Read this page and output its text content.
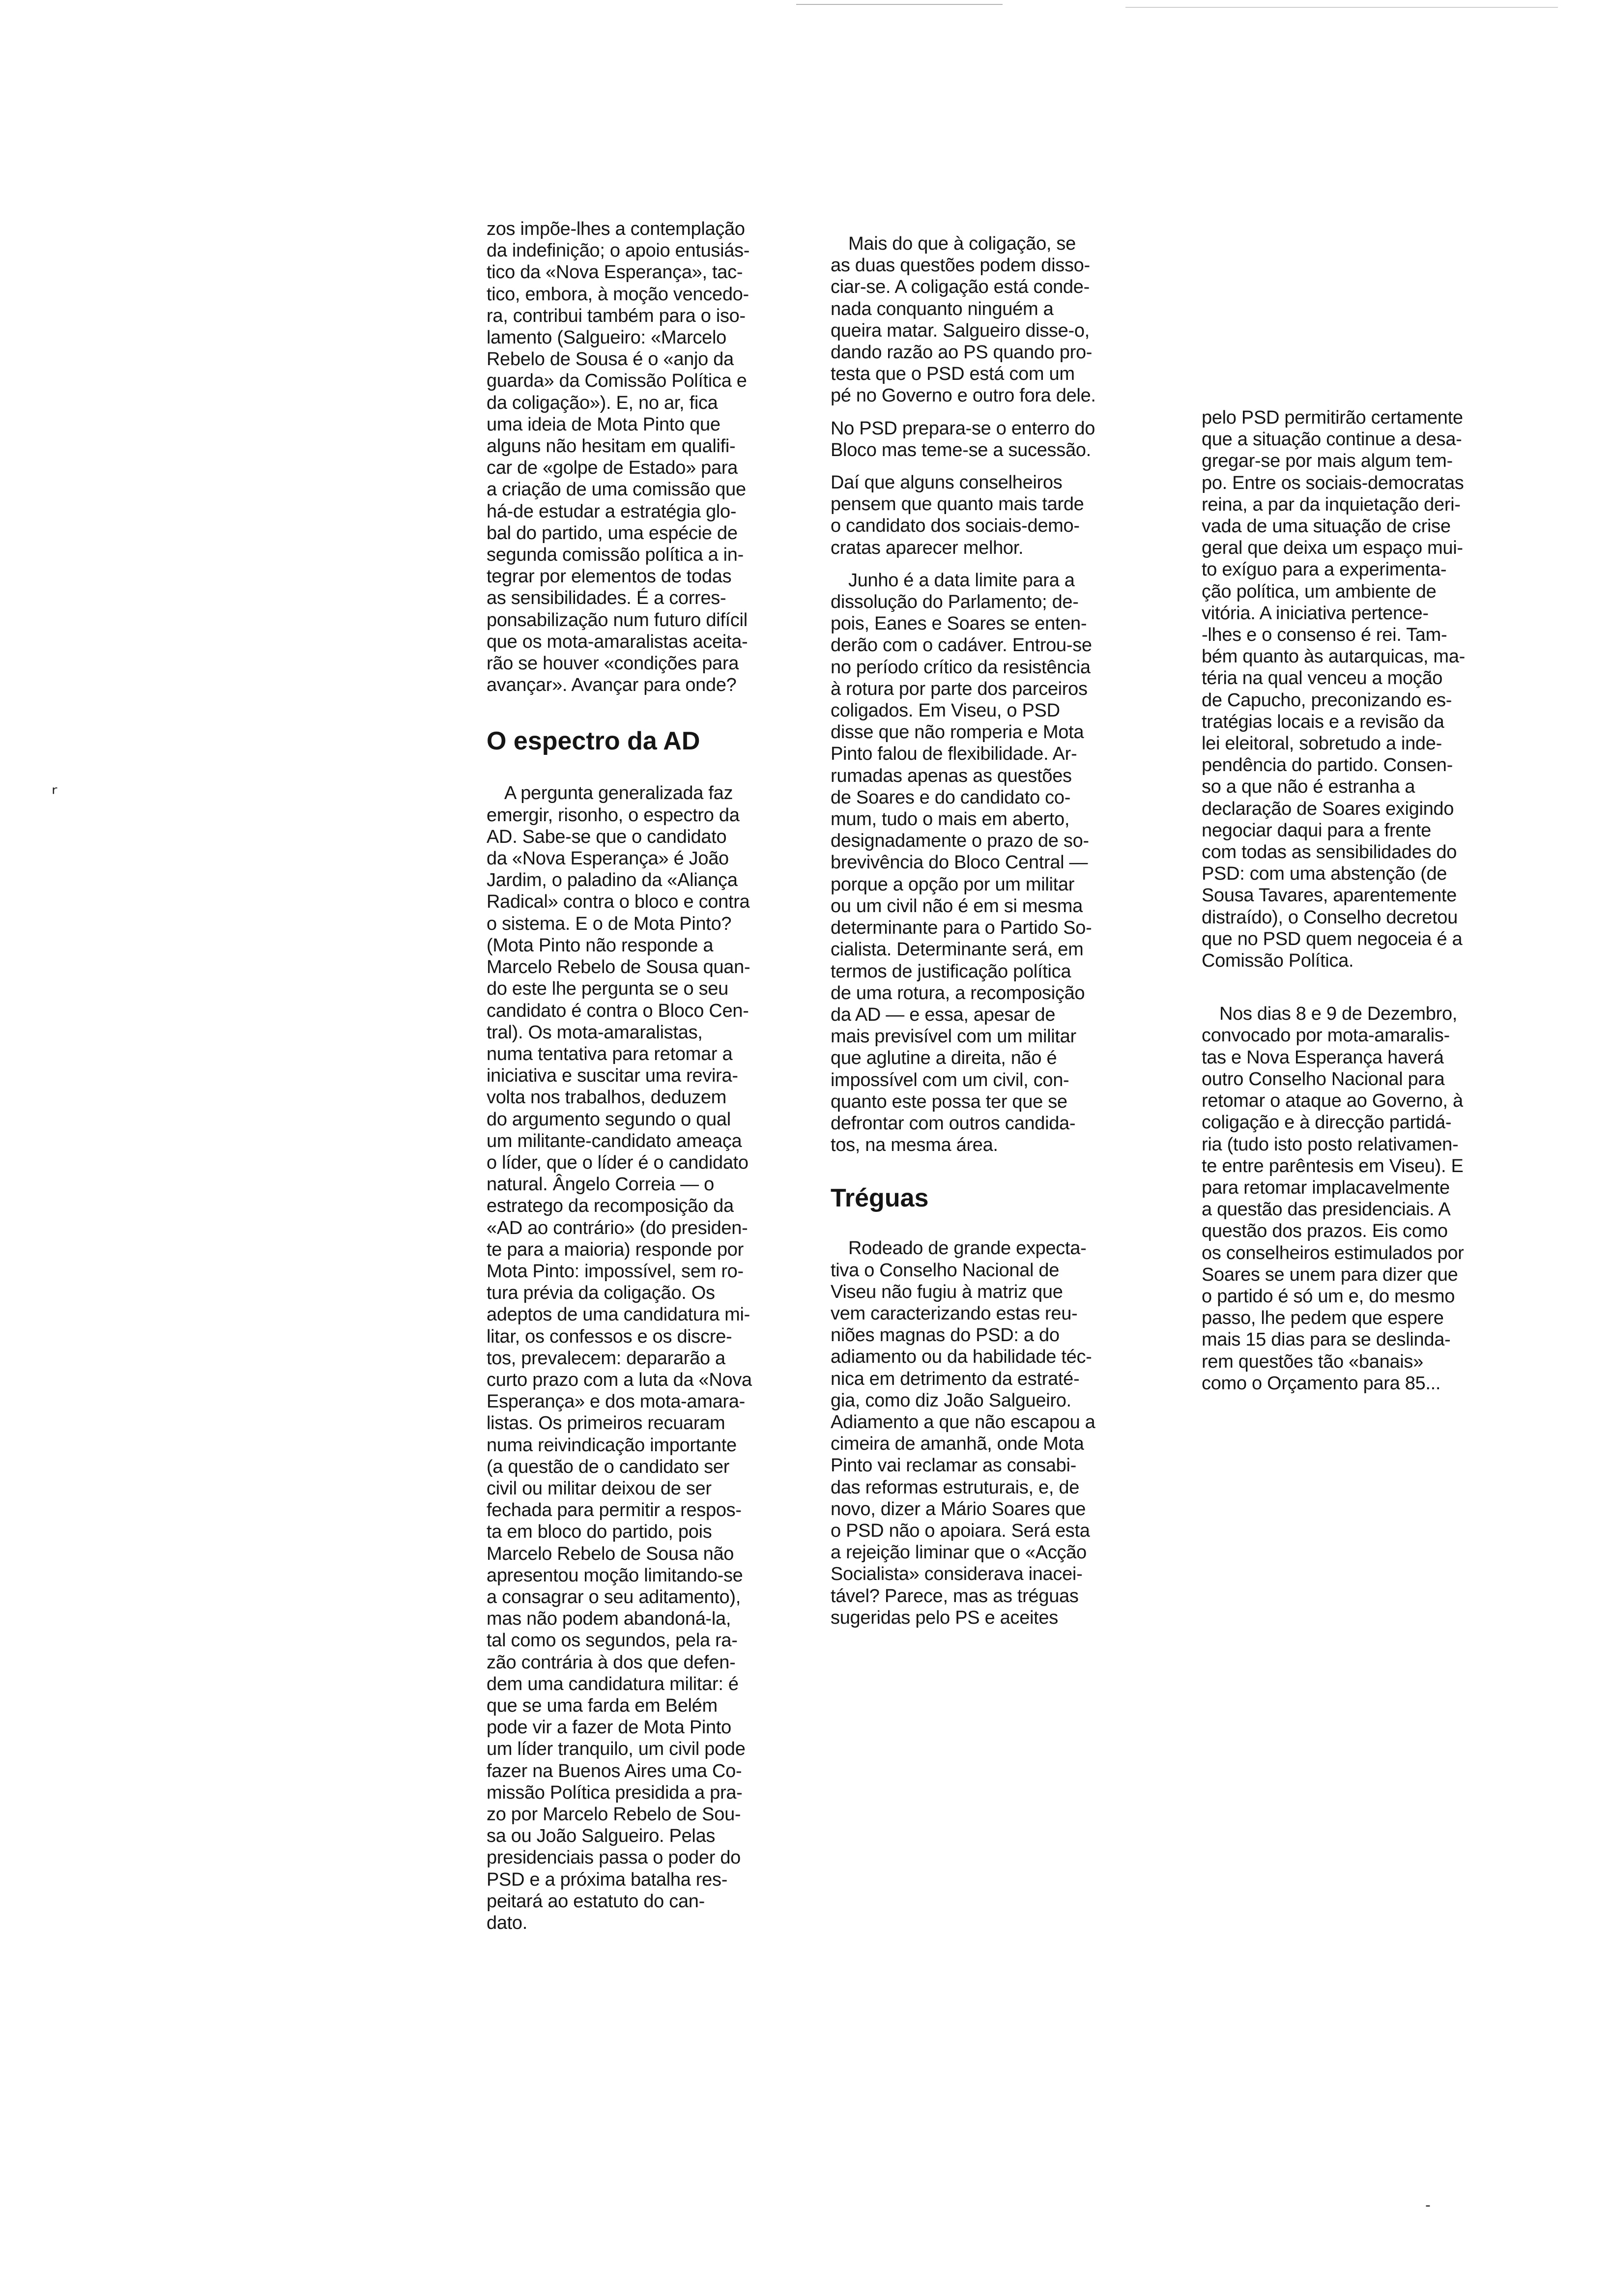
ʳ
‐

zos impõe-lhes a contemplação
da indefinição; o apoio entusiás-
tico da «Nova Esperança», tac-
tico, embora, à moção vencedo-
ra, contribui também para o iso-
lamento (Salgueiro: «Marcelo
Rebelo de Sousa é o «anjo da
guarda» da Comissão Política e
da coligação»). E, no ar, fica
uma ideia de Mota Pinto que
alguns não hesitam em qualifi-
car de «golpe de Estado» para
a criação de uma comissão que
há-de estudar a estratégia glo-
bal do partido, uma espécie de
segunda comissão política a in-
tegrar por elementos de todas
as sensibilidades. É a corres-
ponsabilização num futuro difícil
que os mota-amaralistas aceita-
rão se houver «condições para
avançar». Avançar para onde?

O espectro da AD

A pergunta generalizada faz
emergir, risonho, o espectro da
AD. Sabe-se que o candidato
da «Nova Esperança» é João
Jardim, o paladino da «Aliança
Radical» contra o bloco e contra
o sistema. E o de Mota Pinto?
(Mota Pinto não responde a
Marcelo Rebelo de Sousa quan-
do este lhe pergunta se o seu
candidato é contra o Bloco Cen-
tral). Os mota-amaralistas,
numa tentativa para retomar a
iniciativa e suscitar uma revira-
volta nos trabalhos, deduzem
do argumento segundo o qual
um militante-candidato ameaça
o líder, que o líder é o candidato
natural. Ângelo Correia — o
estratego da recomposição da
«AD ao contrário» (do presiden-
te para a maioria) responde por
Mota Pinto: impossível, sem ro-
tura prévia da coligação. Os
adeptos de uma candidatura mi-
litar, os confessos e os discre-
tos, prevalecem: depararão a
curto prazo com a luta da «Nova
Esperança» e dos mota-amara-
listas. Os primeiros recuaram
numa reivindicação importante
(a questão de o candidato ser
civil ou militar deixou de ser
fechada para permitir a respos-
ta em bloco do partido, pois
Marcelo Rebelo de Sousa não
apresentou moção limitando-se
a consagrar o seu aditamento),
mas não podem abandoná-la,
tal como os segundos, pela ra-
zão contrária à dos que defen-
dem uma candidatura militar: é
que se uma farda em Belém
pode vir a fazer de Mota Pinto
um líder tranquilo, um civil pode
fazer na Buenos Aires uma Co-
missão Política presidida a pra-
zo por Marcelo Rebelo de Sou-
sa ou João Salgueiro. Pelas
presidenciais passa o poder do
PSD e a próxima batalha res-
peitará ao estatuto do can-
dato.

Mais do que à coligação, se
as duas questões podem disso-
ciar-se. A coligação está conde-
nada conquanto ninguém a
queira matar. Salgueiro disse-o,
dando razão ao PS quando pro-
testa que o PSD está com um
pé no Governo e outro fora dele.

No PSD prepara-se o enterro do
Bloco mas teme-se a sucessão.

Daí que alguns conselheiros
pensem que quanto mais tarde
o candidato dos sociais-demo-
cratas aparecer melhor.

Junho é a data limite para a
dissolução do Parlamento; de-
pois, Eanes e Soares se enten-
derão com o cadáver. Entrou-se
no período crítico da resistência
à rotura por parte dos parceiros
coligados. Em Viseu, o PSD
disse que não romperia e Mota
Pinto falou de flexibilidade. Ar-
rumadas apenas as questões
de Soares e do candidato co-
mum, tudo o mais em aberto,
designadamente o prazo de so-
brevivência do Bloco Central —
porque a opção por um militar
ou um civil não é em si mesma
determinante para o Partido So-
cialista. Determinante será, em
termos de justificação política
de uma rotura, a recomposição
da AD — e essa, apesar de
mais previsível com um militar
que aglutine a direita, não é
impossível com um civil, con-
quanto este possa ter que se
defrontar com outros candida-
tos, na mesma área.

Tréguas

Rodeado de grande expecta-
tiva o Conselho Nacional de
Viseu não fugiu à matriz que
vem caracterizando estas reu-
niões magnas do PSD: a do
adiamento ou da habilidade téc-
nica em detrimento da estraté-
gia, como diz João Salgueiro.
Adiamento a que não escapou a
cimeira de amanhã, onde Mota
Pinto vai reclamar as consabi-
das reformas estruturais, e, de
novo, dizer a Mário Soares que
o PSD não o apoiara. Será esta
a rejeição liminar que o «Acção
Socialista» considerava inacei-
tável? Parece, mas as tréguas
sugeridas pelo PS e aceites

pelo PSD permitirão certamente
que a situação continue a desa-
gregar-se por mais algum tem-
po. Entre os sociais-democratas
reina, a par da inquietação deri-
vada de uma situação de crise
geral que deixa um espaço mui-
to exíguo para a experimenta-
ção política, um ambiente de
vitória. A iniciativa pertence-
-lhes e o consenso é rei. Tam-
bém quanto às autarquicas, ma-
téria na qual venceu a moção
de Capucho, preconizando es-
tratégias locais e a revisão da
lei eleitoral, sobretudo a inde-
pendência do partido. Consen-
so a que não é estranha a
declaração de Soares exigindo
negociar daqui para a frente
com todas as sensibilidades do
PSD: com uma abstenção (de
Sousa Tavares, aparentemente
distraído), o Conselho decretou
que no PSD quem negoceia é a
Comissão Política.

Nos dias 8 e 9 de Dezembro,
convocado por mota-amaralis-
tas e Nova Esperança haverá
outro Conselho Nacional para
retomar o ataque ao Governo, à
coligação e à direcção partidá-
ria (tudo isto posto relativamen-
te entre parêntesis em Viseu). E
para retomar implacavelmente
a questão das presidenciais. A
questão dos prazos. Eis como
os conselheiros estimulados por
Soares se unem para dizer que
o partido é só um e, do mesmo
passo, lhe pedem que espere
mais 15 dias para se deslinda-
rem questões tão «banais»
como o Orçamento para 85...
